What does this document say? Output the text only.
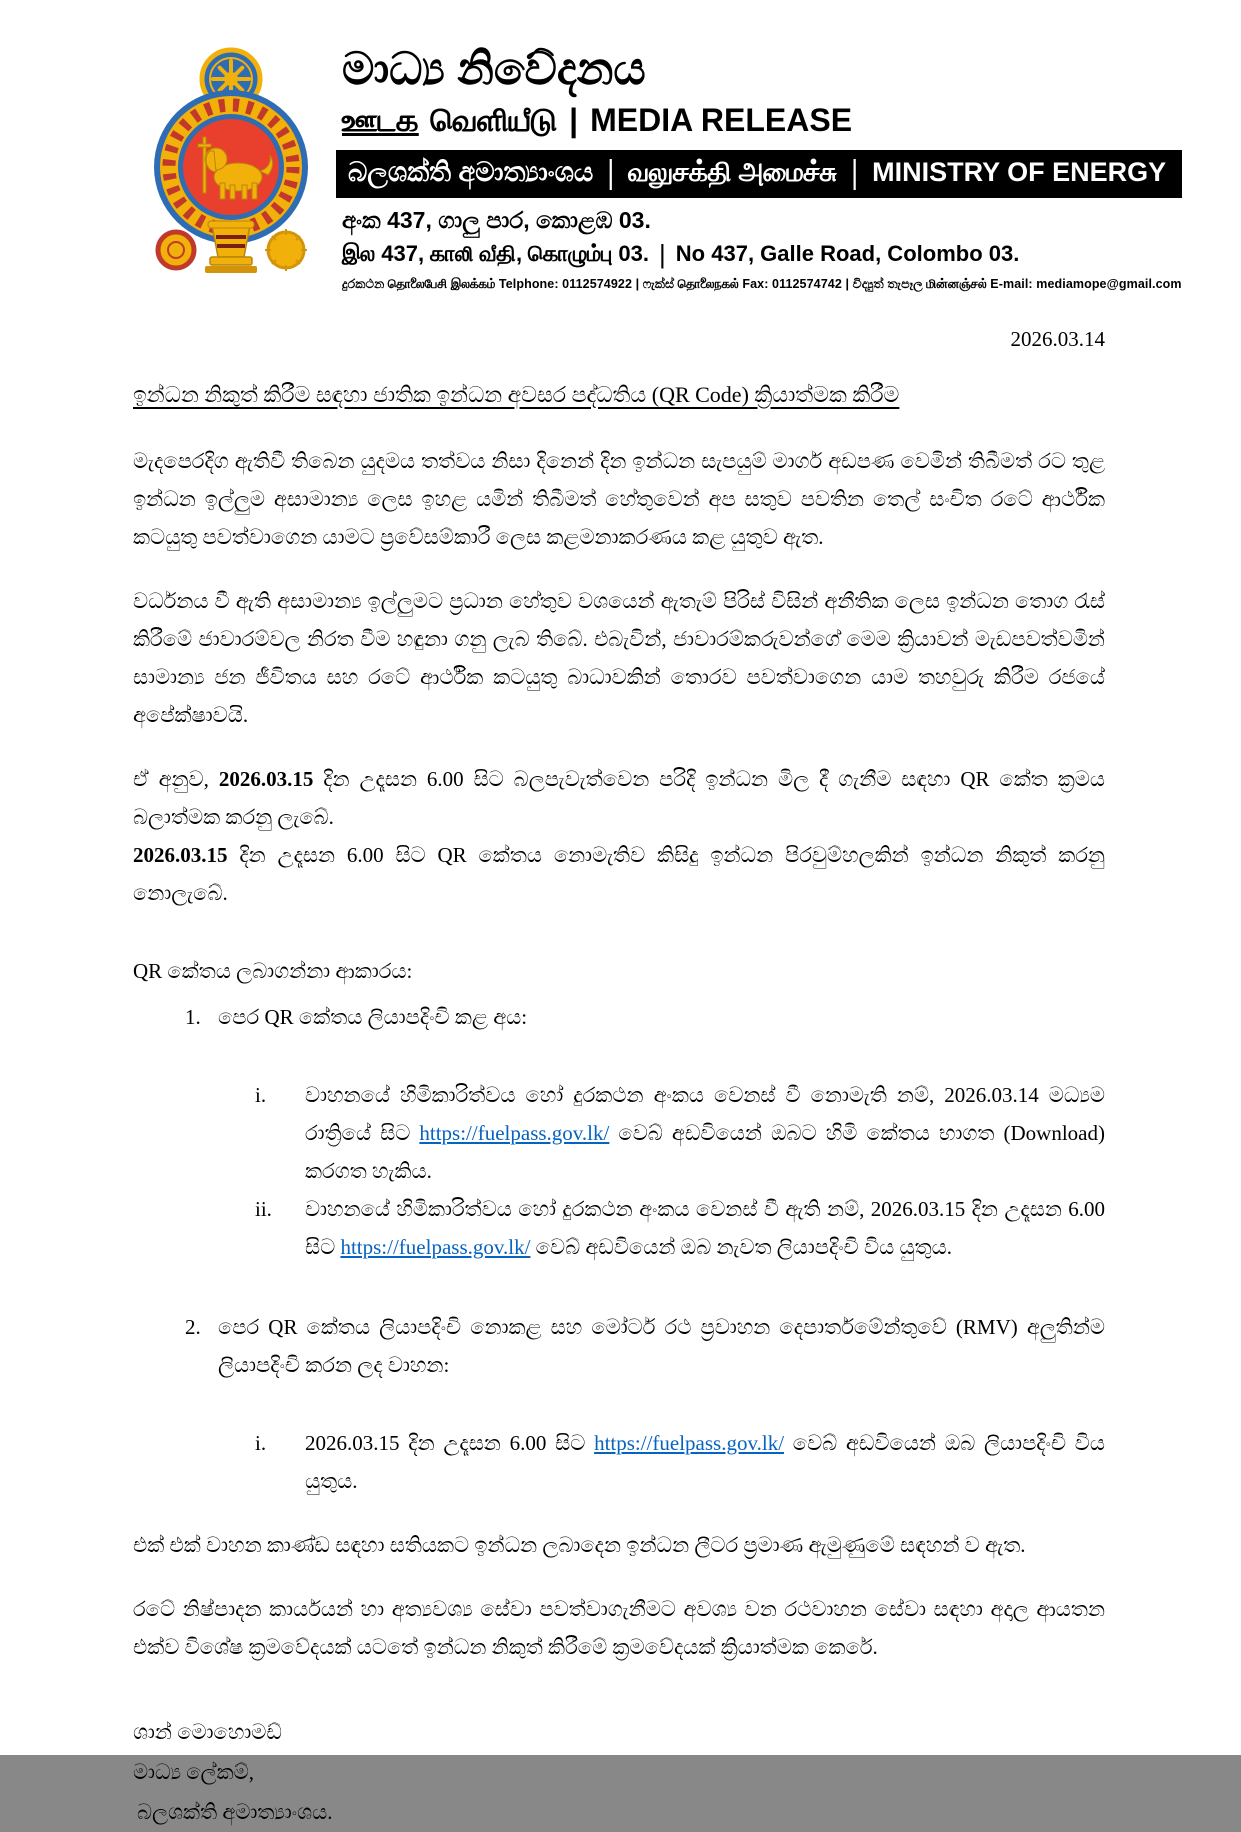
මාධ්‍ය නිවේදනය
ஊடக வெளியீடு | MEDIA RELEASE
බලශක්ති අමාත්‍යාංශය | வலுசக்தி அமைச்சு | MINISTRY OF ENERGY
අංක 437, ගාලු පාර, කොළඹ 03.
இல 437, காலி வீதி, கொழும்பு 03. | No 437, Galle Road, Colombo 03.
දුරකථන தொலைபேசி இலக்கம் Telphone: 0112574922 | ෆැක්ස් தொலைநகல் Fax: 0112574742 | විද්‍යුත් තැපෑල மின்னஞ்சல் E-mail: mediamope@gmail.com
2026.03.14
ඉන්ධන නිකුත් කිරීම සඳහා ජාතික ඉන්ධන අවසර පද්ධතිය (QR Code) ක්‍රියාත්මක කිරීම

මැදපෙරදිග ඇතිවී තිබෙන යුදමය තත්වය නිසා දිනෙන් දින ඉන්ධන සැපයුම් මාර්ග අඩපණ වෙමින් තිබීමත් රට තුළ ඉන්ධන ඉල්ලුම අසාමාන්‍ය ලෙස ඉහළ යමින් තිබීමත් හේතුවෙන් අප සතුව පවතින තෙල් සංචිත රටේ ආර්ථික කටයුතු පවත්වාගෙන යාමට ප්‍රවේසම්කාරී ලෙස කළමනාකරණය කළ යුතුව ඇත.

වර්ධනය වී ඇති අසාමාන්‍ය ඉල්ලුමට ප්‍රධාන හේතුව වශයෙන් ඇතැම් පිරිස් විසින් අනීතික ලෙස ඉන්ධන තොග රැස් කිරීමේ ජාවාරම්වල නිරත වීම හඳුනා ගනු ලැබ තිබේ. එබැවින්, ජාවාරම්කරුවන්ගේ මෙම ක්‍රියාවන් මැඩපවත්වමින් සාමාන්‍ය ජන ජීවිතය සහ රටේ ආර්ථික කටයුතු බාධාවකින් තොරව පවත්වාගෙන යාම තහවුරු කිරීම රජයේ අපේක්ෂාවයි.

ඒ අනුව, 2026.03.15 දින උදෑසන 6.00 සිට බලපැවැත්වෙන පරිදි ඉන්ධන මිල දී ගැනීම සඳහා QR කේත ක්‍රමය බලාත්මක කරනු ලැබේ.

2026.03.15 දින උදෑසන 6.00 සිට QR කේතය නොමැතිව කිසිදු ඉන්ධන පිරවුම්හලකින් ඉන්ධන නිකුත් කරනු නොලැබේ.

QR කේතය ලබාගන්නා ආකාරය:

1. පෙර QR කේතය ලියාපදිංචි කළ අය:
i.	වාහනයේ හිමිකාරිත්වය හෝ දුරකථන අංකය වෙනස් වී නොමැති නම්, 2026.03.14 මධ්‍යම රාත්‍රියේ සිට https://fuelpass.gov.lk/ වෙබ් අඩවියෙන් ඔබට හිමි කේතය භාගත (Download) කරගත හැකිය.
ii.	වාහනයේ හිමිකාරිත්වය හෝ දුරකථන අංකය වෙනස් වී ඇති නම්, 2026.03.15 දින උදෑසන 6.00 සිට https://fuelpass.gov.lk/ වෙබ් අඩවියෙන් ඔබ නැවත ලියාපදිංචි විය යුතුය.
2. පෙර QR කේතය ලියාපදිංචි නොකළ සහ මෝටර් රථ ප්‍රවාහන දෙපාර්තමේන්තුවේ (RMV) අලුතින්ම ලියාපදිංචි කරන ලද වාහන:
i.	2026.03.15 දින උදෑසන 6.00 සිට https://fuelpass.gov.lk/ වෙබ් අඩවියෙන් ඔබ ලියාපදිංචි විය යුතුය.

එක් එක් වාහන කාණ්ඩ සඳහා සතියකට ඉන්ධන ලබාදෙන ඉන්ධන ලීටර ප්‍රමාණ ඇමුණුමේ සඳහන් ව ඇත.

රටේ නිෂ්පාදන කාර්යයන් හා අත්‍යවශ්‍ය සේවා පවත්වාගැනීමට අවශ්‍ය වන රථවාහන සේවා සඳහා අදාල ආයතන එක්ව විශේෂ ක්‍රමවේදයක් යටතේ ඉන්ධන නිකුත් කිරීමේ ක්‍රමවේදයක් ක්‍රියාත්මක කෙරේ.

ශාන් මොහොමඩ්
මාධ්‍ය ලේකම්,
බලශක්ති අමාත්‍යාංශය.
